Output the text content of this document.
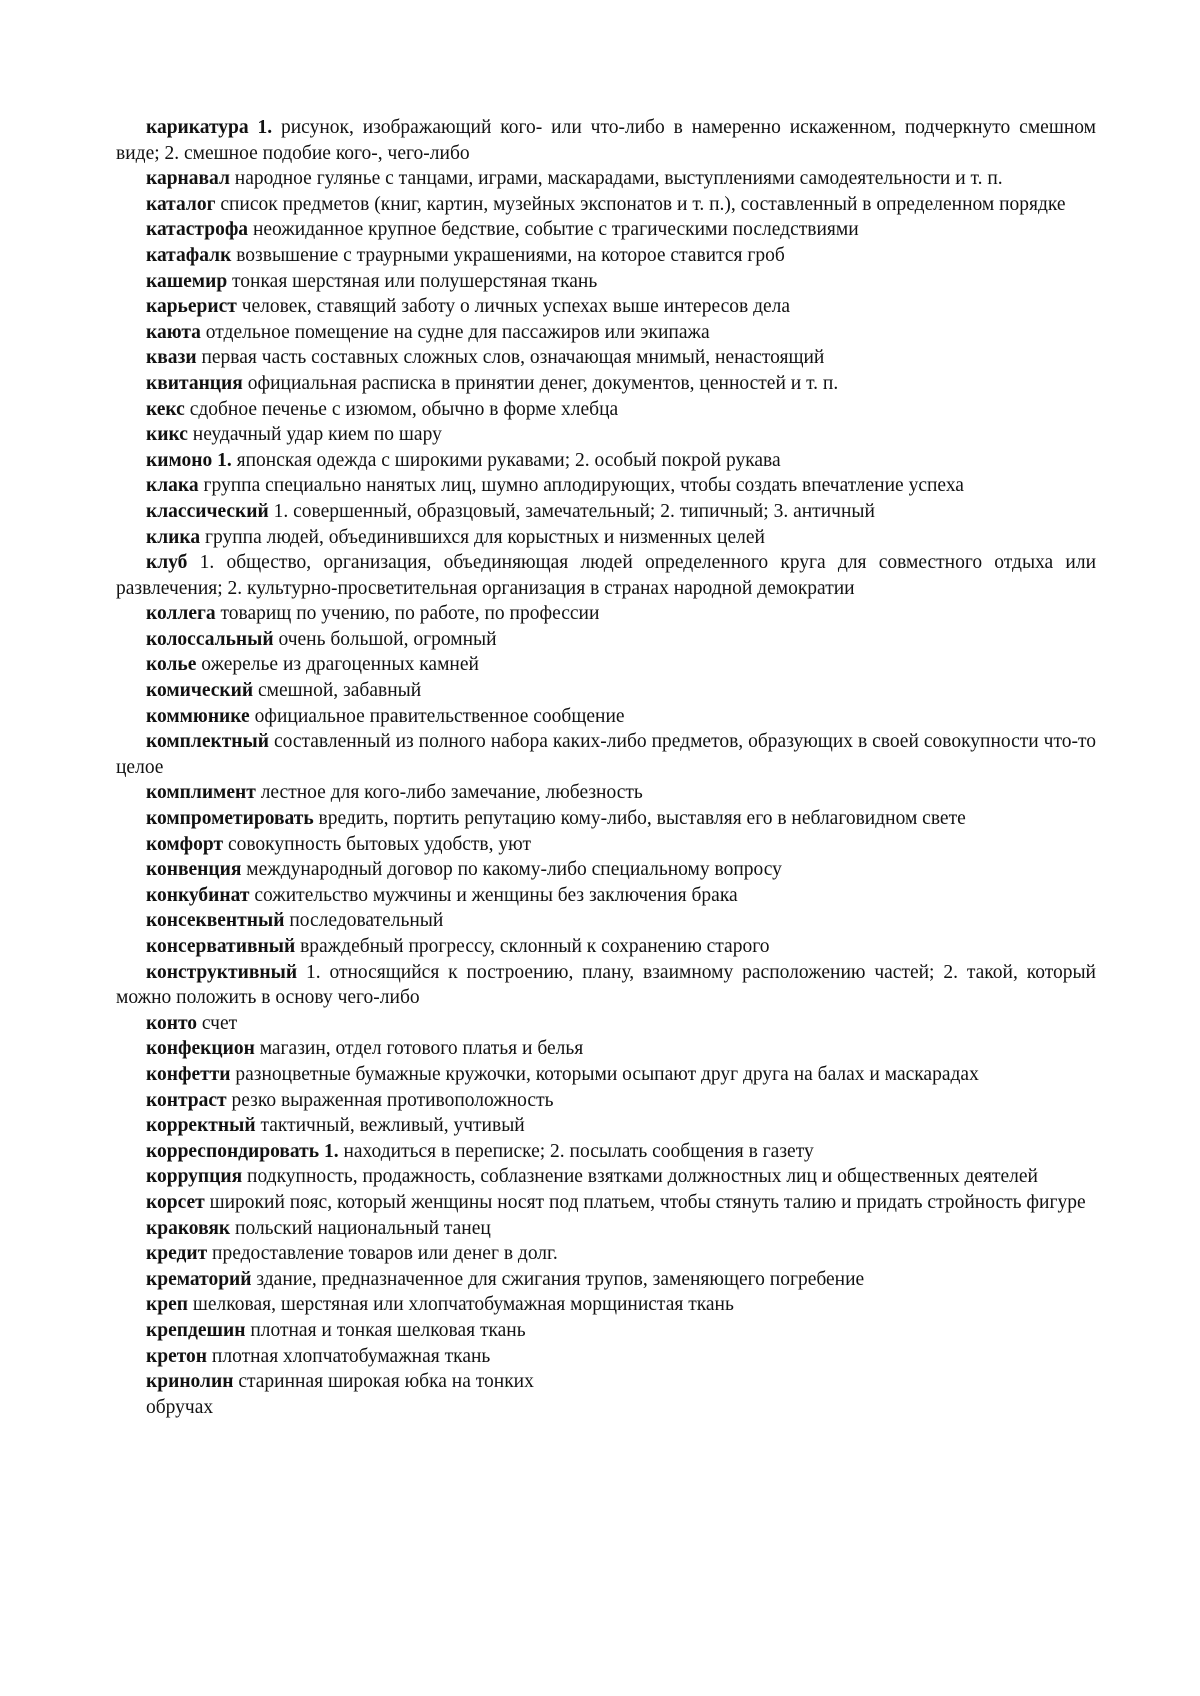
карикатура 1. рисунок, изображающий кого- или что-либо в намеренно искаженном, подчеркнуто смешном виде; 2. смешное подобие кого-, чего-либо

карнавал народное гулянье с танцами, играми, маскарадами, выступлениями самодеятельности и т. п.

каталог список предметов (книг, картин, музейных экспонатов и т. п.), составленный в определенном порядке

катастрофа неожиданное крупное бедствие, событие с трагическими последствиями

катафалк возвышение с траурными украшениями, на которое ставится гроб

кашемир тонкая шерстяная или полушерстяная ткань

карьерист человек, ставящий заботу о личных успехах выше интересов дела

каюта отдельное помещение на судне для пассажиров или экипажа

квази первая часть составных сложных слов, означающая мнимый, ненастоящий

квитанция официальная расписка в принятии денег, документов, ценностей и т. п.

кекс сдобное печенье с изюмом, обычно в форме хлебца

кикс неудачный удар кием по шару

кимоно 1. японская одежда с широкими рукавами; 2. особый покрой рукава

клака группа специально нанятых лиц, шумно аплодирующих, чтобы создать впечатление успеха

классический 1. совершенный, образцовый, замечательный; 2. типичный; 3. античный

клика группа людей, объединившихся для корыстных и низменных целей

клуб 1. общество, организация, объединяющая людей определенного круга для совместного отдыха или развлечения; 2. культурно-просветительная организация в странах народной демократии

коллега товарищ по учению, по работе, по профессии

колоссальный очень большой, огромный

колье ожерелье из драгоценных камней

комический смешной, забавный

коммюнике официальное правительственное сообщение

комплектный составленный из полного набора каких-либо предметов, образующих в своей совокупности что-то целое

комплимент лестное для кого-либо замечание, любезность

компрометировать вредить, портить репутацию кому-либо, выставляя его в неблаговидном свете

комфорт совокупность бытовых удобств, уют

конвенция международный договор по какому-либо специальному вопросу

конкубинат сожительство мужчины и женщины без заключения брака

консеквентный последовательный

консервативный враждебный прогрессу, склонный к сохранению старого

конструктивный 1. относящийся к построению, плану, взаимному расположению частей; 2. такой, который можно положить в основу чего-либо

конто счет

конфекцион магазин, отдел готового платья и белья

конфетти разноцветные бумажные кружочки, которыми осыпают друг друга на балах и маскарадах

контраст резко выраженная противоположность

корректный тактичный, вежливый, учтивый

корреспондировать 1. находиться в переписке; 2. посылать сообщения в газету

коррупция подкупность, продажность, соблазнение взятками должностных лиц и общественных деятелей

корсет широкий пояс, который женщины носят под платьем, чтобы стянуть талию и придать стройность фигуре

краковяк польский национальный танец

кредит предоставление товаров или денег в долг.

крематорий здание, предназначенное для сжигания трупов, заменяющего погребение

креп шелковая, шерстяная или хлопчатобумажная морщинистая ткань

крепдешин плотная и тонкая шелковая ткань

кретон плотная хлопчатобумажная ткань

кринолин старинная широкая юбка на тонких

обручах
